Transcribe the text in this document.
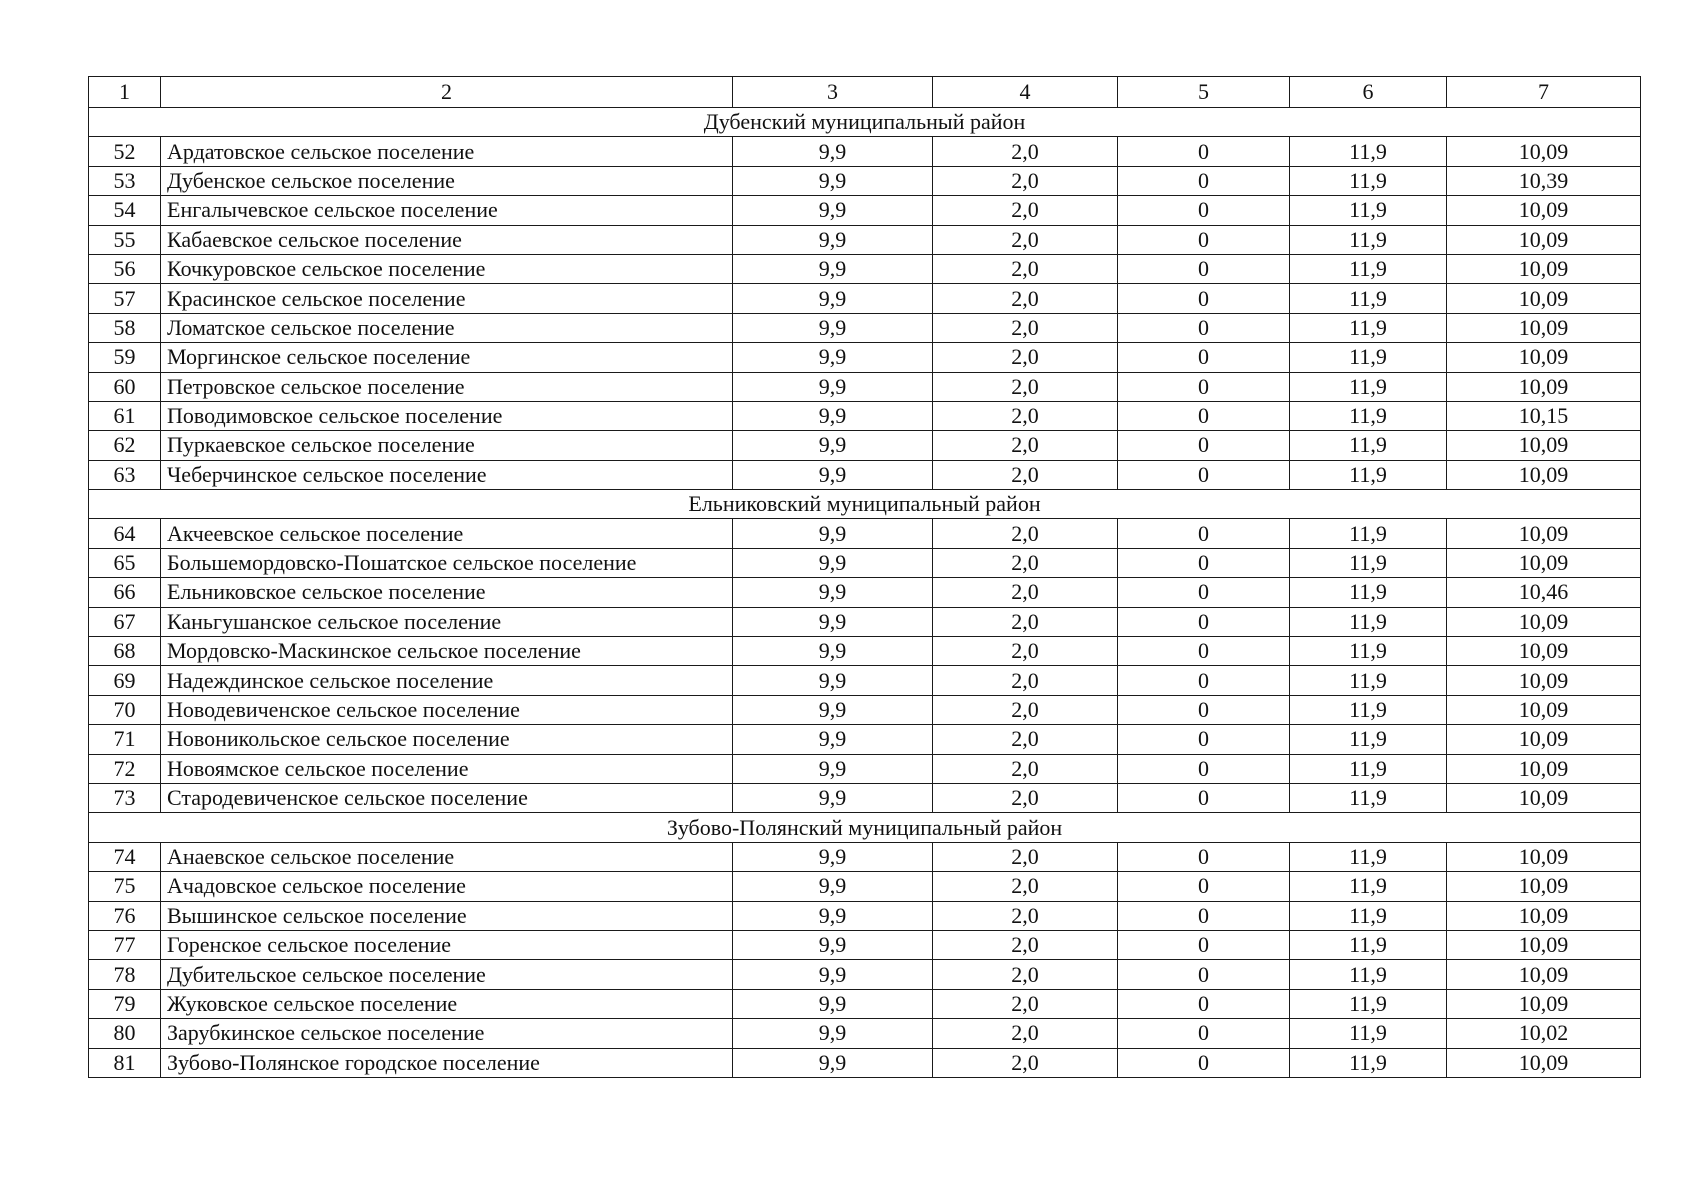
1	2	3	4	5	6	7
Дубенский муниципальный район						
52	Ардатовское сельское поселение	9,9	2,0	0	11,9	10,09
53	Дубенское сельское поселение	9,9	2,0	0	11,9	10,39
54	Енгалычевское сельское поселение	9,9	2,0	0	11,9	10,09
55	Кабаевское сельское поселение	9,9	2,0	0	11,9	10,09
56	Кочкуровское сельское поселение	9,9	2,0	0	11,9	10,09
57	Красинское сельское поселение	9,9	2,0	0	11,9	10,09
58	Ломатское сельское поселение	9,9	2,0	0	11,9	10,09
59	Моргинское сельское поселение	9,9	2,0	0	11,9	10,09
60	Петровское сельское поселение	9,9	2,0	0	11,9	10,09
61	Поводимовское сельское поселение	9,9	2,0	0	11,9	10,15
62	Пуркаевское сельское поселение	9,9	2,0	0	11,9	10,09
63	Чеберчинское сельское поселение	9,9	2,0	0	11,9	10,09
Ельниковский муниципальный район						
64	Акчеевское сельское поселение	9,9	2,0	0	11,9	10,09
65	Большемордовско-Пошатское сельское поселение	9,9	2,0	0	11,9	10,09
66	Ельниковское сельское поселение	9,9	2,0	0	11,9	10,46
67	Каньгушанское сельское поселение	9,9	2,0	0	11,9	10,09
68	Мордовско-Маскинское сельское поселение	9,9	2,0	0	11,9	10,09
69	Надеждинское сельское поселение	9,9	2,0	0	11,9	10,09
70	Новодевиченское сельское поселение	9,9	2,0	0	11,9	10,09
71	Новоникольское сельское поселение	9,9	2,0	0	11,9	10,09
72	Новоямское сельское поселение	9,9	2,0	0	11,9	10,09
73	Стародевиченское сельское поселение	9,9	2,0	0	11,9	10,09
Зубово-Полянский муниципальный район						
74	Анаевское сельское поселение	9,9	2,0	0	11,9	10,09
75	Ачадовское сельское поселение	9,9	2,0	0	11,9	10,09
76	Вышинское сельское поселение	9,9	2,0	0	11,9	10,09
77	Горенское сельское поселение	9,9	2,0	0	11,9	10,09
78	Дубительское сельское поселение	9,9	2,0	0	11,9	10,09
79	Жуковское сельское поселение	9,9	2,0	0	11,9	10,09
80	Зарубкинское сельское поселение	9,9	2,0	0	11,9	10,02
81	Зубово-Полянское городское поселение	9,9	2,0	0	11,9	10,09
